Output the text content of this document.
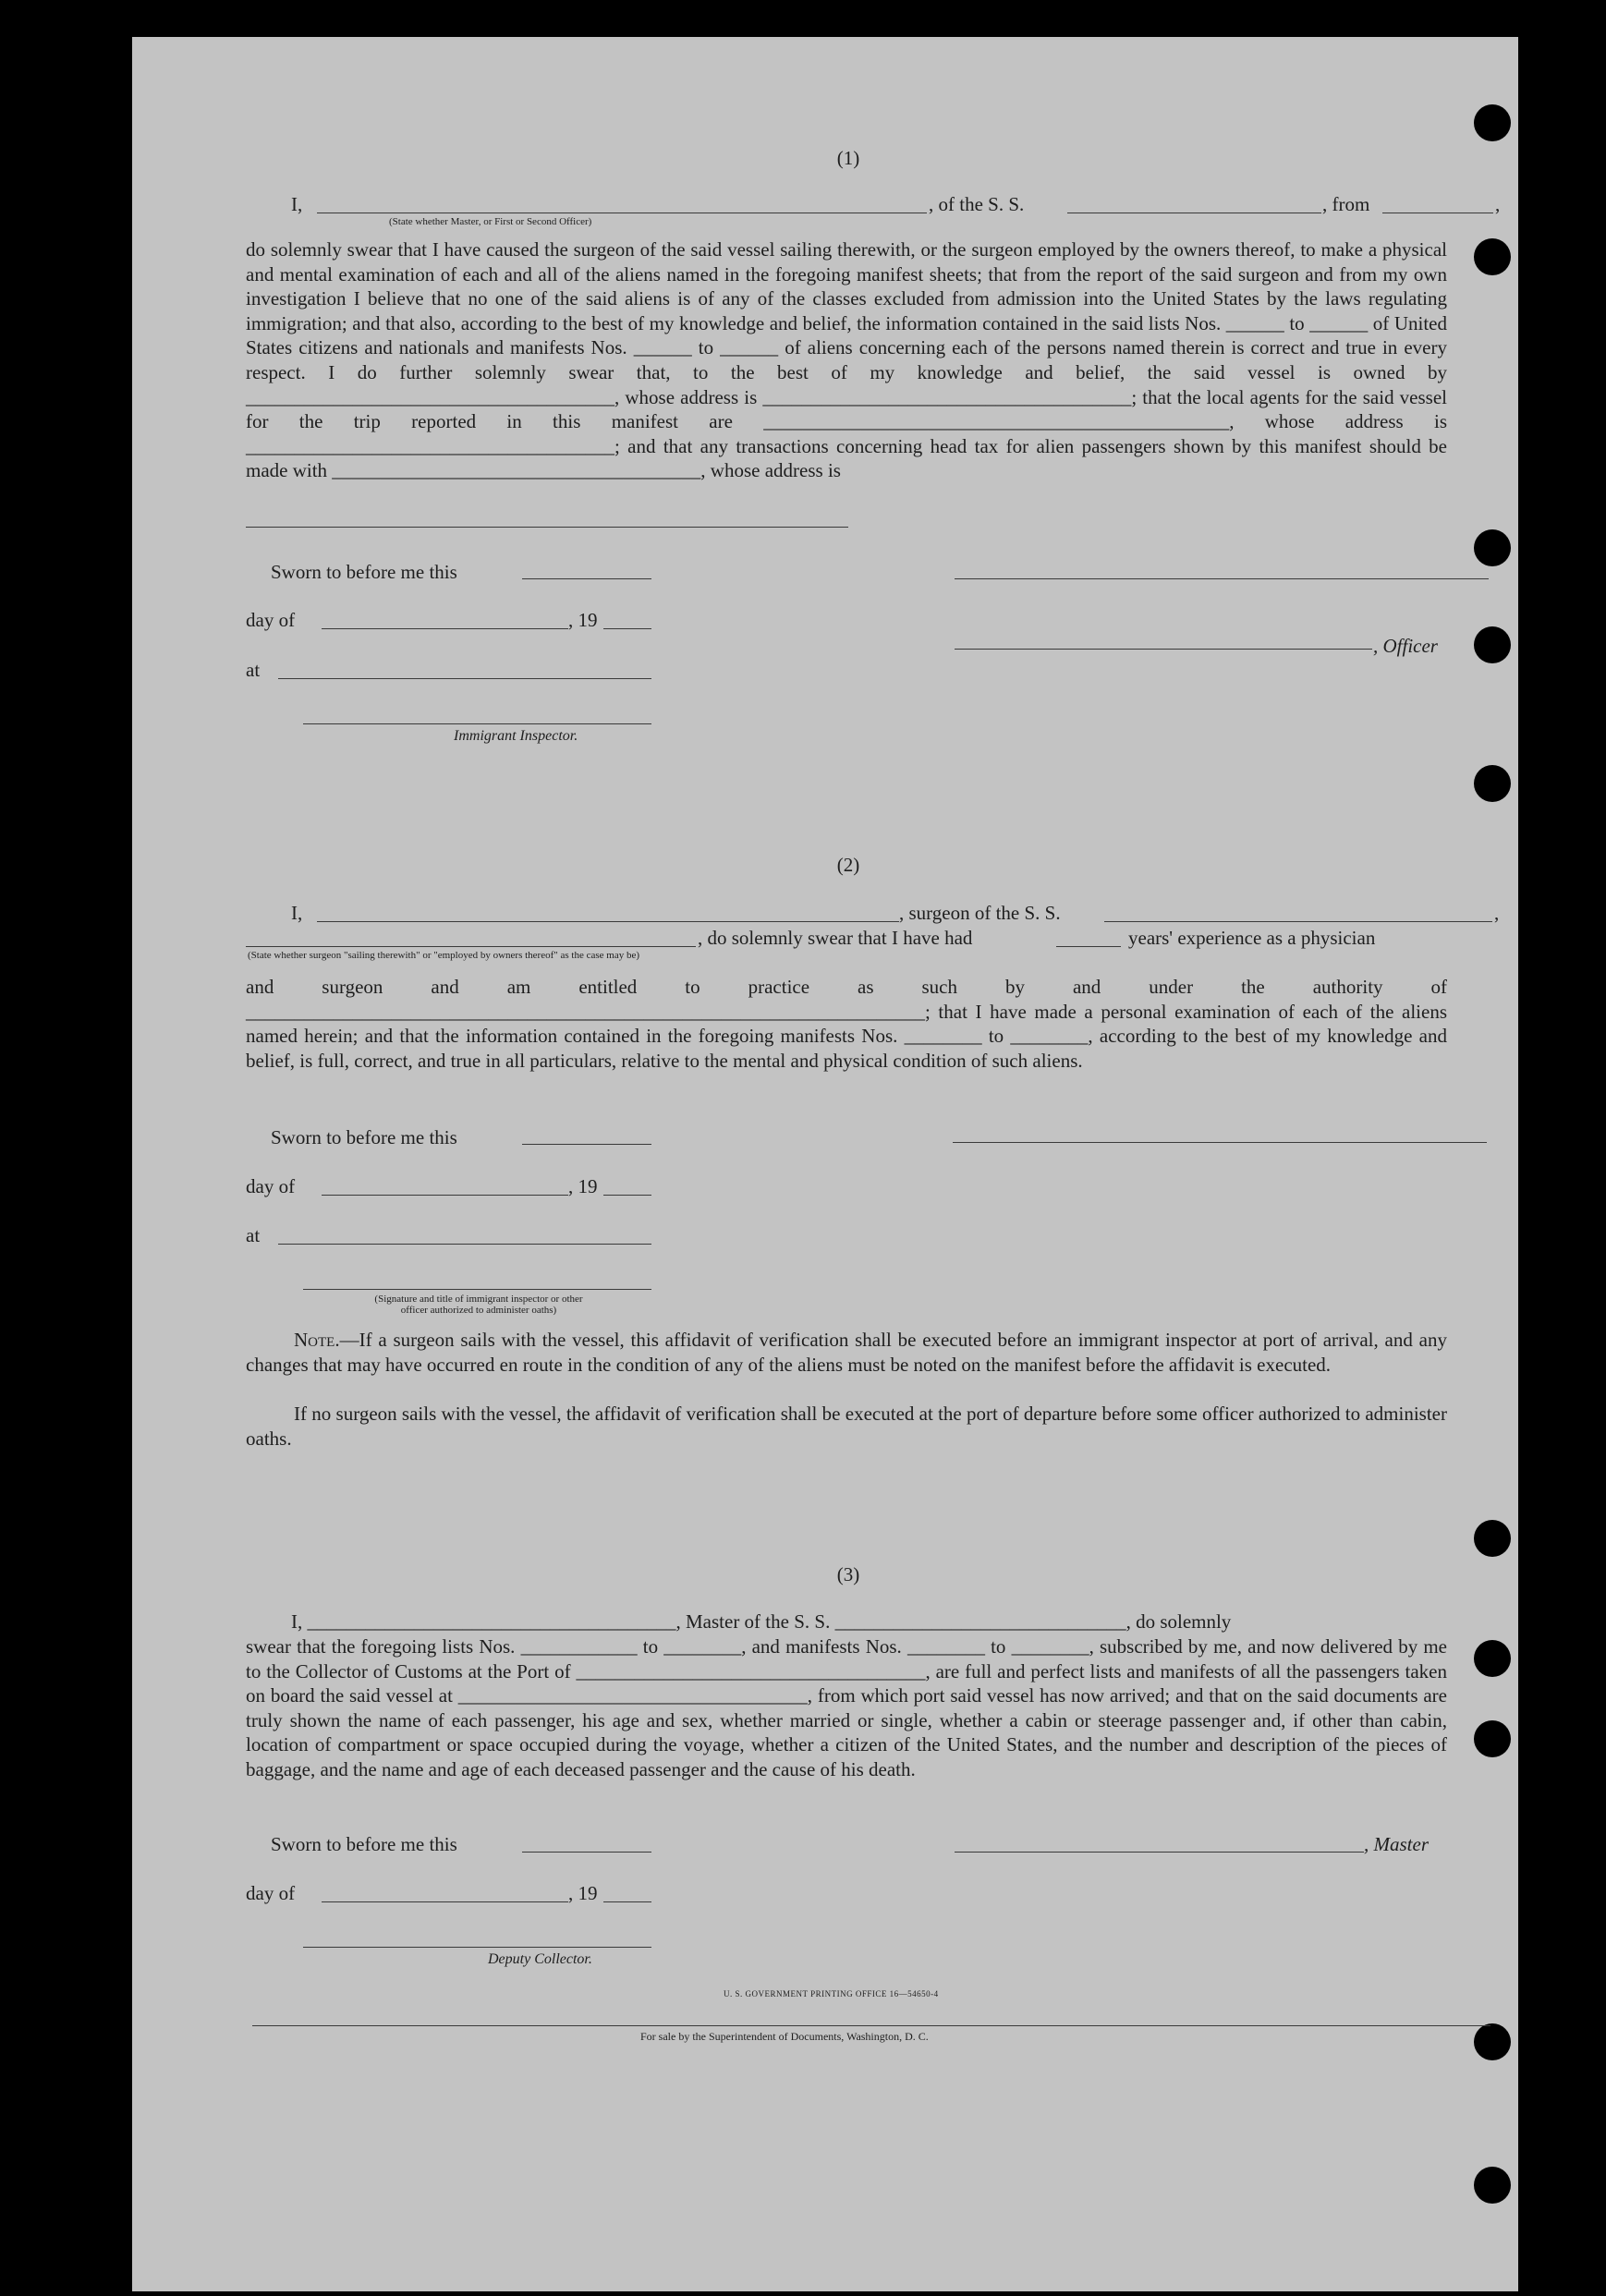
(1)
I,	, of the S. S.	, from	,
(State whether Master, or First or Second Officer)
do solemnly swear that I have caused the surgeon of the said vessel sailing therewith, or the surgeon employed by the owners thereof, to make a physical and mental examination of each and all of the aliens named in the foregoing manifest sheets; that from the report of the said surgeon and from my own investigation I believe that no one of the said aliens is of any of the classes excluded from admission into the United States by the laws regulating immigration; and that also, according to the best of my knowledge and belief, the information contained in the said lists Nos. ______ to ______ of United States citizens and nationals and manifests Nos. ______ to ______ of aliens concerning each of the persons named therein is correct and true in every respect. I do further solemnly swear that, to the best of my knowledge and belief, the said vessel is owned by ______________________________________, whose address is ______________________________________; that the local agents for the said vessel for the trip reported in this manifest are ________________________________________________, whose address is ______________________________________; and that any transactions concerning head tax for alien passengers shown by this manifest should be made with ______________________________________, whose address is
Sworn to before me this
day of	, 19
, Officer
at
Immigrant Inspector.
(2)
I,	, surgeon of the S. S.	,
, do solemnly swear that I have had	years' experience as a physician
(State whether surgeon "sailing therewith" or "employed by owners thereof" as the case may be)
and surgeon and am entitled to practice as such by and under the authority of ______________________________________________________________________; that I have made a personal examination of each of the aliens named herein; and that the information contained in the foregoing manifests Nos. ________ to ________, according to the best of my knowledge and belief, is full, correct, and true in all particulars, relative to the mental and physical condition of such aliens.
Sworn to before me this
day of	, 19
at
(Signature and title of immigrant inspector or other officer authorized to administer oaths)
Note.—If a surgeon sails with the vessel, this affidavit of verification shall be executed before an immigrant inspector at port of arrival, and any changes that may have occurred en route in the condition of any of the aliens must be noted on the manifest before the affidavit is executed.
If no surgeon sails with the vessel, the affidavit of verification shall be executed at the port of departure before some officer authorized to administer oaths.
(3)
I, ______________________________________, Master of the S. S. ______________________________, do solemnly
swear that the foregoing lists Nos. ____________ to ________, and manifests Nos. ________ to ________, subscribed by me, and now delivered by me to the Collector of Customs at the Port of ____________________________________, are full and perfect lists and manifests of all the passengers taken on board the said vessel at ____________________________________, from which port said vessel has now arrived; and that on the said documents are truly shown the name of each passenger, his age and sex, whether married or single, whether a cabin or steerage passenger and, if other than cabin, location of compartment or space occupied during the voyage, whether a citizen of the United States, and the number and description of the pieces of baggage, and the name and age of each deceased passenger and the cause of his death.
Sworn to before me this	, Master
day of	, 19
Deputy Collector.
U. S. GOVERNMENT PRINTING OFFICE 16—54650-4
For sale by the Superintendent of Documents, Washington, D. C.
